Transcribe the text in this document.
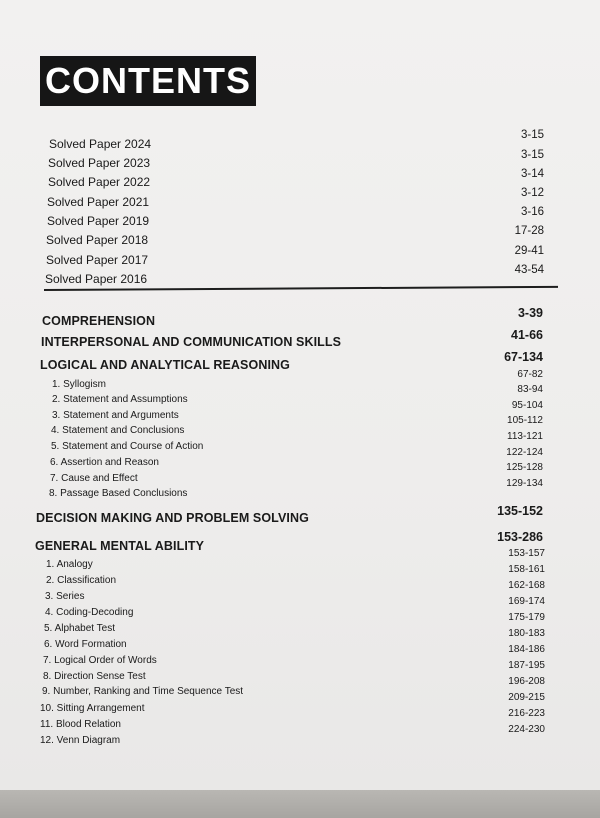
CONTENTS
Solved Paper 2024
Solved Paper 2023
Solved Paper 2022
Solved Paper 2021
Solved Paper 2019
Solved Paper 2018
Solved Paper 2017
Solved Paper 2016
3-15
3-15
3-14
3-12
3-16
17-28
29-41
43-54
COMPREHENSION
3-39
INTERPERSONAL AND COMMUNICATION SKILLS	41-66
LOGICAL AND ANALYTICAL REASONING
67-134
1. Syllogism
2. Statement and Assumptions
3. Statement and Arguments
4. Statement and Conclusions
5. Statement and Course of Action
6. Assertion and Reason
7. Cause and Effect
8. Passage Based Conclusions
67-82
83-94
95-104
105-112
113-121
122-124
125-128
129-134
DECISION MAKING AND PROBLEM SOLVING	135-152
GENERAL MENTAL ABILITY
153-286
1. Analogy
2. Classification
3. Series
4. Coding-Decoding
5. Alphabet Test
6. Word Formation
7. Logical Order of Words
8. Direction Sense Test
9. Number, Ranking and Time Sequence Test
10. Sitting Arrangement
11. Blood Relation
12. Venn Diagram
153-157
158-161
162-168
169-174
175-179
180-183
184-186
187-195
196-208
209-215
216-223
224-230
